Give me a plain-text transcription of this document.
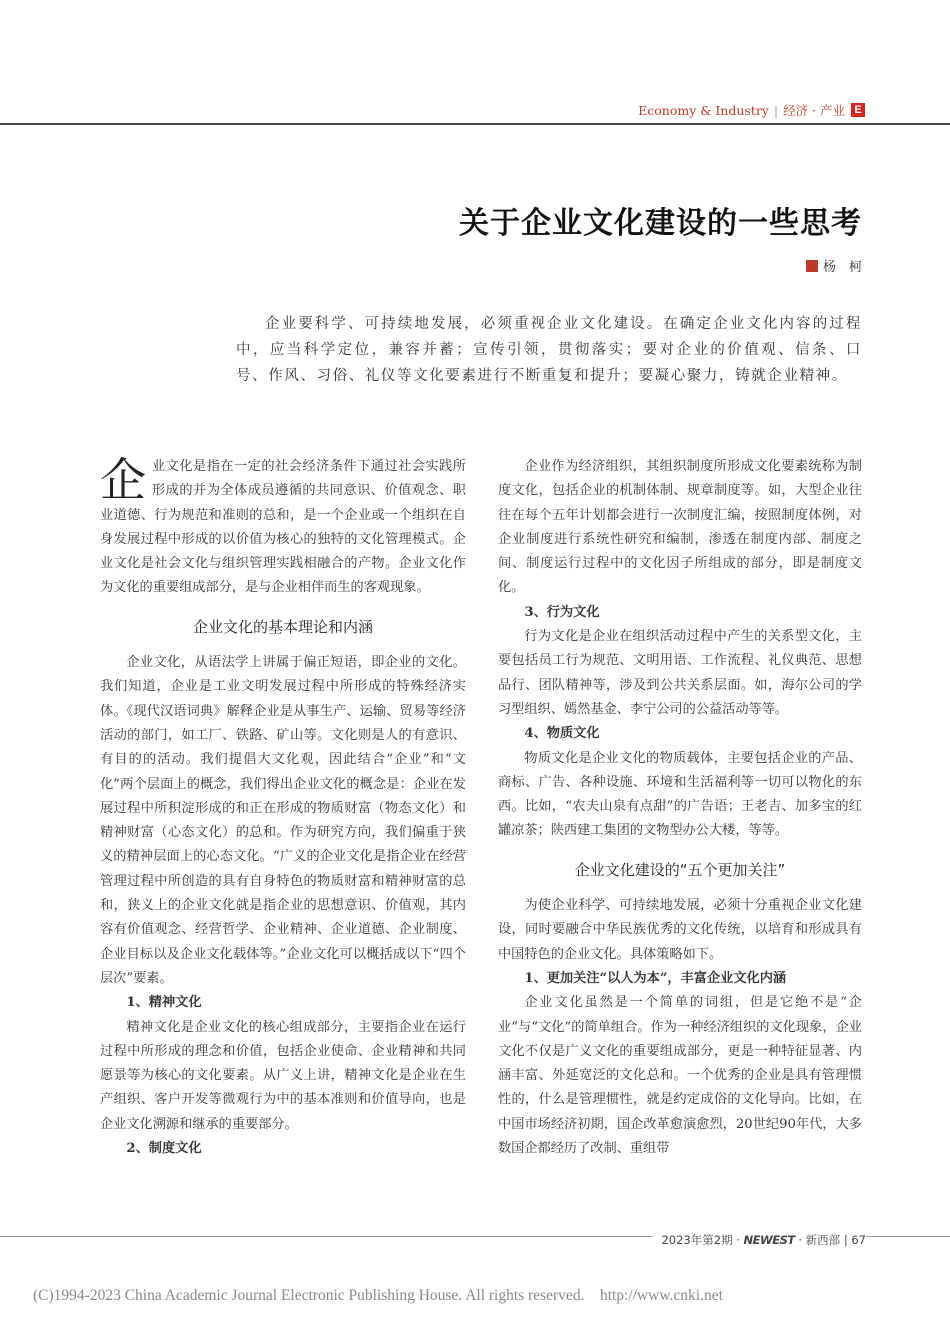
Economy & Industry | 经济 · 产业 E
关于企业文化建设的一些思考
杨　柯

企业要科学、可持续地发展，必须重视企业文化建设。在确定企业文化内容的过程中，应当科学定位，兼容并蓄；宣传引领，贯彻落实；要对企业的价值观、信条、口号、作风、习俗、礼仪等文化要素进行不断重复和提升；要凝心聚力，铸就企业精神。

企业文化是指在一定的社会经济条件下通过社会实践所形成的并为全体成员遵循的共同意识、价值观念、职业道德、行为规范和准则的总和，是一个企业或一个组织在自身发展过程中形成的以价值为核心的独特的文化管理模式。企业文化是社会文化与组织管理实践相融合的产物。企业文化作为文化的重要组成部分，是与企业相伴而生的客观现象。

企业文化的基本理论和内涵

企业文化，从语法学上讲属于偏正短语，即企业的文化。我们知道，企业是工业文明发展过程中所形成的特殊经济实体。《现代汉语词典》解释企业是从事生产、运输、贸易等经济活动的部门，如工厂、铁路、矿山等。文化则是人的有意识、有目的的活动。我们提倡大文化观，因此结合“企业”和“文化”两个层面上的概念，我们得出企业文化的概念是：企业在发展过程中所积淀形成的和正在形成的物质财富（物态文化）和精神财富（心态文化）的总和。作为研究方向，我们偏重于狭义的精神层面上的心态文化。“广义的企业文化是指企业在经营管理过程中所创造的具有自身特色的物质财富和精神财富的总和，狭义上的企业文化就是指企业的思想意识、价值观，其内容有价值观念、经营哲学、企业精神、企业道德、企业制度、企业目标以及企业文化载体等。”企业文化可以概括成以下“四个层次”要素。

1、精神文化

精神文化是企业文化的核心组成部分，主要指企业在运行过程中所形成的理念和价值，包括企业使命、企业精神和共同愿景等为核心的文化要素。从广义上讲，精神文化是企业在生产组织、客户开发等微观行为中的基本准则和价值导向，也是企业文化溯源和继承的重要部分。

2、制度文化

企业作为经济组织，其组织制度所形成文化要素统称为制度文化，包括企业的机制体制、规章制度等。如，大型企业往往在每个五年计划都会进行一次制度汇编，按照制度体例，对企业制度进行系统性研究和编制，渗透在制度内部、制度之间、制度运行过程中的文化因子所组成的部分，即是制度文化。

3、行为文化

行为文化是企业在组织活动过程中产生的关系型文化，主要包括员工行为规范、文明用语、工作流程、礼仪典范、思想品行、团队精神等，涉及到公共关系层面。如，海尔公司的学习型组织、嫣然基金、李宁公司的公益活动等等。

4、物质文化

物质文化是企业文化的物质载体，主要包括企业的产品、商标、广告、各种设施、环境和生活福利等一切可以物化的东西。比如，“农夫山泉有点甜”的广告语；王老吉、加多宝的红罐凉茶；陕西建工集团的文物型办公大楼，等等。

企业文化建设的“五个更加关注”

为使企业科学、可持续地发展，必须十分重视企业文化建设，同时要融合中华民族优秀的文化传统，以培育和形成具有中国特色的企业文化。具体策略如下。

1、更加关注“以人为本”，丰富企业文化内涵

企业文化虽然是一个简单的词组，但是它绝不是“企业”与“文化”的简单组合。作为一种经济组织的文化现象，企业文化不仅是广义文化的重要组成部分，更是一种特征显著、内涵丰富、外延宽泛的文化总和。一个优秀的企业是具有管理惯性的，什么是管理惯性，就是约定成俗的文化导向。比如，在中国市场经济初期，国企改革愈演愈烈，20世纪90年代，大多数国企都经历了改制、重组带

2023年第2期 · NEWEST · 新西部 | 67
(C)1994-2023 China Academic Journal Electronic Publishing House. All rights reserved.    http://www.cnki.net
